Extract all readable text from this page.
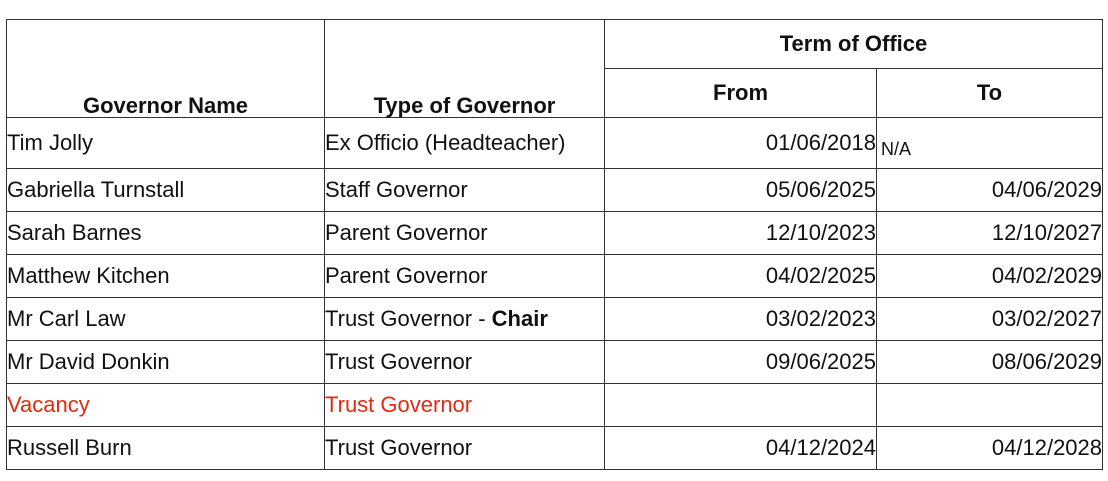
Governor Name	Type of Governor	Term of Office	
		From	To
Tim Jolly	Ex Officio (Headteacher)	01/06/2018	N/A
Gabriella Turnstall	Staff Governor	05/06/2025	04/06/2029
Sarah Barnes	Parent Governor	12/10/2023	12/10/2027
Matthew Kitchen	Parent Governor	04/02/2025	04/02/2029
Mr Carl Law	Trust Governor - Chair	03/02/2023	03/02/2027
Mr David Donkin	Trust Governor	09/06/2025	08/06/2029
Vacancy	Trust Governor		
Russell Burn	Trust Governor	04/12/2024	04/12/2028
